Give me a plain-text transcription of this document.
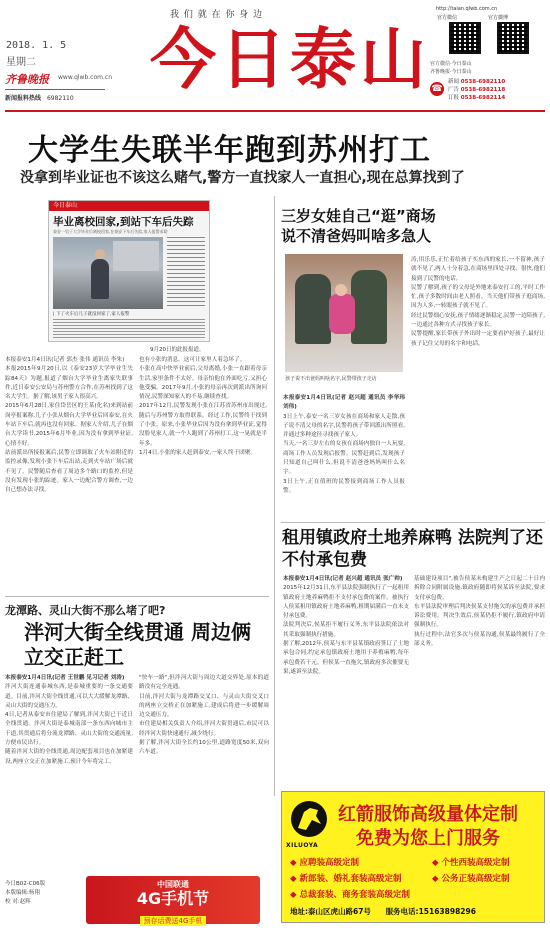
我 们 就 在 你 身 边
http://taian.qlwb.com.cn
2018. 1. 5
星期二
齐鲁晚报 www.qlwb.com.cn 今日泰山
新闻报料热线 6982110
官方微信	官方微博
官方微信·今日泰山
齐鲁晚报·今日泰山
☎
新闻 0538-6982110
广告 0538-6982118
订报 0538-6982114
大学生失联半年跑到苏州打工
没拿到毕业证也不该这么赌气,警方一直找家人一直担心,现在总算找到了
今日泰山
毕业离校回家,到站下车后失踪
泰安一男子大学毕业后离校回家,在泰安下车后失踪,家人报警求助
| 下了火车后儿子就没回家了,家人报警
9月20日的此报报道。
本报泰安1月4日讯(记者 郭杰 张伟 通讯员 李朱)
本报2015年9月20日,以《泰安23岁大学毕业生失踪84天》为题,报道了烟台大学毕业生离家失联事件,近日泰安公安局与苏州警方合作,在苏州找到了这名大学生。据了解,该男子家人很高兴。
2015年6月28日,家住岱岳区的王某(化名)来到站前岗亭报案称,儿子小张从烟台大学毕业后回泰安,在火车站下车后,就再也没有回家。据家人介绍,儿子在烟台大学读书,2015年6月毕业,因为没有拿到毕业证,心情不好。
站前派出所接报案后,民警立即调取了火车站附近的监控录像,发现小张下车后出站,走到火车站广场后就不见了。民警随后查看了周边多个路口的监控,但是没有发现小张的踪迹。家人一边配合警方调查,一边自己想办法寻找。
也有小张的消息。这可让家里人着急坏了。
小张在高中快毕业前后,父母离婚,小张一直跟着母亲生活,家里条件不太好。母亲怕他在外面吃亏,又担心他受骗。2017年9月,小张的母亲再次到派出所询问情况,民警深知家人的不易,继续查找。
2017年12月,民警发现小张在江苏省苏州市出现过,随后与苏州警方取得联系。经过工作,民警终于找到了小张。原来,小张毕业后因为没有拿到毕业证,觉得没脸见家人,就一个人跑到了苏州打工,这一晃就是半年多。
1月4日,小张的家人赶到泰安,一家人终于团聚。
三岁女娃自己“逛”商场 说不清爸妈叫啥多急人
孩子说不出爸妈叫啥名字,民警带孩子走访
本报泰安1月4日讯(记者 赵兴超 通讯员 李华玮 刘伟)
3日上午,泰安一名三岁女孩在商场和家人走散,孩子说不清父母的名字,民警将孩子带回派出所照看,并通过多种途径寻找孩子家人。
当天,一名三岁左右的女孩在商场内独自一人玩耍,商场工作人员发现后报警。民警赶到后,发现孩子只知道自己叫什么,但说不清爸爸妈妈叫什么名字。
3日上午,正在值班的民警接到商场工作人员报警。
涛,用乐乐,正忙着给孩子买东西的家长,一不留神,孩子就不见了,两人十分着急,在商场里四处寻找。很快,他们接到了民警的电话。
民警了解到,孩子的父母是外地来泰安打工的,平时工作忙,孩子多数时间由老人照看。当天他们带孩子逛商场,因为人多,一转眼孩子就不见了。
经过民警细心安抚,孩子情绪逐渐稳定,民警一边陪孩子,一边通过各种方式寻找孩子家长。
民警提醒,家长带孩子外出时一定要看护好孩子,最好让孩子记住父母的名字和电话。
租用镇政府土地养麻鸭 法院判了还不付承包费
本报泰安1月4日讯(记者 赵兴超 通讯员 张广帅)
2015年12月31日,东平县法院强制执行了一起租用镇政府土地养麻鸭拒不支付承包费的案件。被执行人侯某租用镇政府土地养麻鸭,租期届满后一直未支付承包费。
法院判决后,侯某拒不履行义务,东平县法院依法对其采取强制执行措施。
据了解,2012年,侯某与东平县某镇政府签订了土地承包合同,约定承包镇政府土地用于养殖麻鸭,每年承包费若干元。但侯某一直拖欠,镇政府多次催要无果,遂诉至法院。
基础建设项目",被告侯某未构建生产之日起二十日内拆除合同附属设施,镇政府随即将侯某诉至法院,要求支付承包费。
东平县法院审理后判决侯某支付拖欠的承包费并承担诉讼费用。判决生效后,侯某仍拒不履行,镇政府申请强制执行。
执行过程中,法官多次与侯某沟通,侯某最终履行了全部义务。
龙潭路、灵山大街不那么堵了吧?
泮河大街全线贯通 周边俩立交正赶工
本报泰安1月4日讯(记者 王世鹏 见习记者 刘涛)
泮河大街连通泰城东西,是泰城重要的一条交通要道。目前,泮河大街全线贯通,可以大大缓解龙潭路、灵山大街的交通压力。
4日,记者从泰安市住建局了解到,泮河大街已于近日全线贯通。泮河大街是泰城南部一条东西向城市主干道,其贯通后将分流龙潭路、灵山大街的交通流量,方便市民出行。
随着泮河大街的全线贯通,周边配套项目也在加紧建设,两座立交正在加紧施工,预计今年将完工。
"快车一路",但泮河大街与周边大道交界处,原本的道路没有完全连通。
目前,泮河大街与龙潭路交叉口、与灵山大街交叉口的两座立交桥正在加紧施工,建成后将进一步缓解周边交通压力。
市住建局相关负责人介绍,泮河大街贯通后,市民可以经泮河大街快速通行,减少绕行。
据了解,泮河大街全长约10公里,道路宽度50米,双向六车道。
XILUOYA
红箭服饰高级量体定制
免费为您上门服务
◆ 应聘装高级定制	◆ 个性西装高级定制
◆ 新郎装、婚礼套装高级定制	◆ 公务正装高级定制
◆ 总裁套装、商务套装高级定制
地址:泰山区虎山路67号 服务电话:15163898296
今日B02-C06版
本版编辑:杨翔
校 对:赵辉
中国联通
4G手机节
预存话费送4G手机
